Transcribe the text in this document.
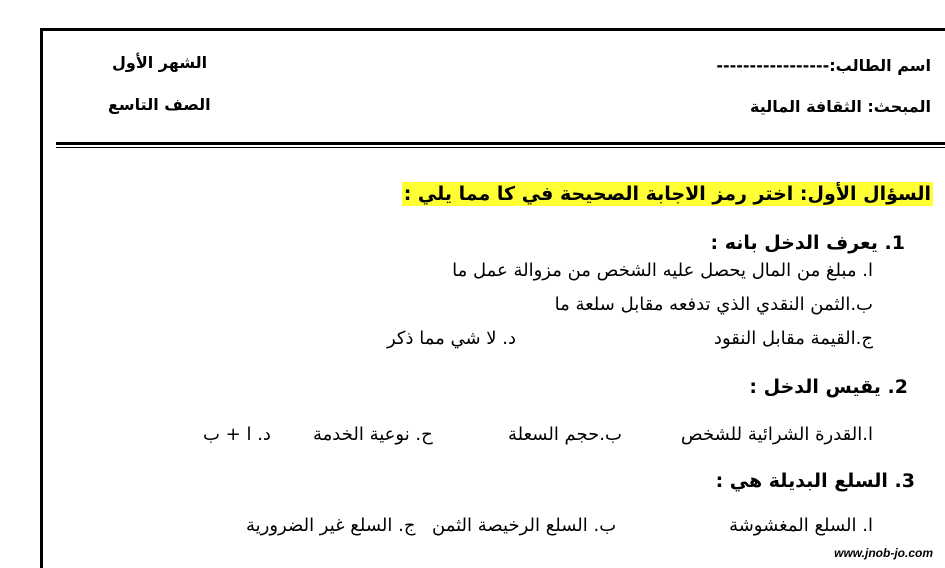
اسم الطالب:-----------------
الشهر الأول
المبحث: الثقافة المالية
الصف التاسع
السؤال الأول: اختر رمز الاجابة الصحيحة في كا مما يلي :
1. يعرف الدخل بانه :
ا. مبلغ من المال يحصل عليه الشخص من مزوالة عمل ما
ب.الثمن النقدي الذي تدفعه مقابل سلعة ما
ج.القيمة مقابل النقود
د. لا شي مما ذكر
2. يقيس الدخل :
ا.القدرة الشرائية للشخص
ب.حجم السعلة
ح. نوعية الخدمة
د. ا + ب
3. السلع البديلة هي :
ا. السلع المغشوشة
ب. السلع الرخيصة الثمن
ج. السلع غير الضرورية
www.jnob-jo.com
